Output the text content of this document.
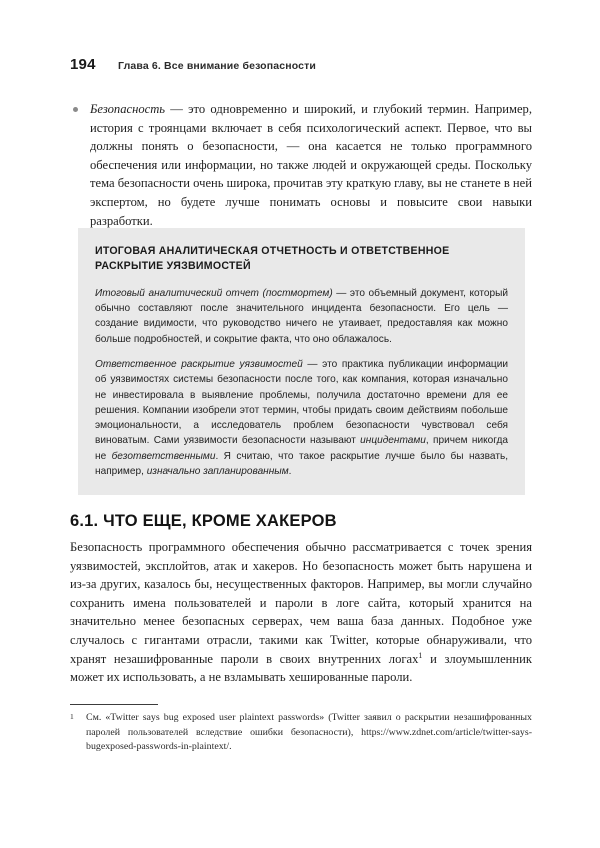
194	Глава 6. Все внимание безопасности
Безопасность — это одновременно и широкий, и глубокий термин. Например, история с троянцами включает в себя психологический аспект. Первое, что вы должны понять о безопасности, — она касается не только программного обеспечения или информации, но также людей и окружающей среды. Поскольку тема безопасности очень широка, прочитав эту краткую главу, вы не станете в ней экспертом, но будете лучше понимать основы и повысите свои навыки разработки.
ИТОГОВАЯ АНАЛИТИЧЕСКАЯ ОТЧЕТНОСТЬ И ОТВЕТСТВЕННОЕ РАСКРЫТИЕ УЯЗВИМОСТЕЙ

Итоговый аналитический отчет (постмортем) — это объемный документ, который обычно составляют после значительного инцидента безопасности. Его цель — создание видимости, что руководство ничего не утаивает, предоставляя как можно больше подробностей, и сокрытие факта, что оно облажалось.

Ответственное раскрытие уязвимостей — это практика публикации информации об уязвимостях системы безопасности после того, как компания, которая изначально не инвестировала в выявление проблемы, получила достаточно времени для ее решения. Компании изобрели этот термин, чтобы придать своим действиям побольше эмоциональности, а исследователь проблем безопасности чувствовал себя виноватым. Сами уязвимости безопасности называют инцидентами, причем никогда не безответственными. Я считаю, что такое раскрытие лучше было бы назвать, например, изначально запланированным.

6.1. ЧТО ЕЩЕ, КРОМЕ ХАКЕРОВ
Безопасность программного обеспечения обычно рассматривается с точек зрения уязвимостей, эксплойтов, атак и хакеров. Но безопасность может быть нарушена и из-за других, казалось бы, несущественных факторов. Например, вы могли случайно сохранить имена пользователей и пароли в логе сайта, который хранится на значительно менее безопасных серверах, чем ваша база данных. Подобное уже случалось с гигантами отрасли, такими как Twitter, которые обнаруживали, что хранят незашифрованные пароли в своих внутренних логах$^1$ и злоумышленник может их использовать, а не взламывать хешированные пароли.
1 См. «Twitter says bug exposed user plaintext passwords» (Twitter заявил о раскрытии незашифрованных паролей пользователей вследствие ошибки безопасности), https://www.zdnet.com/article/twitter-says-bugexposed-passwords-in-plaintext/.
